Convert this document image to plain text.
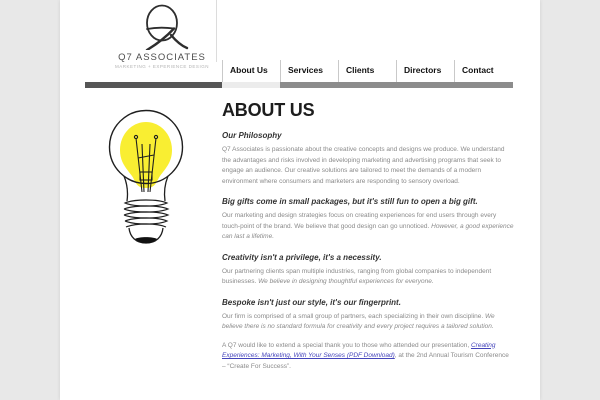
Q7 ASSOCIATES
MARKETING + EXPERIENCE DESIGN	About Us	Services	Clients	Directors	Contact
ABOUT US
Our Philosophy

Q7 Associates is passionate about the creative concepts and designs we produce. We understand the advantages and risks involved in developing marketing and advertising programs that seek to engage an audience. Our creative solutions are tailored to meet the demands of a modern environment where consumers and marketers are responding to sensory overload.

Big gifts come in small packages, but it's still fun to open a big gift.

Our marketing and design strategies focus on creating experiences for end users through every touch-point of the brand. We believe that good design can go unnoticed. However, a good experience can last a lifetime.

Creativity isn't a privilege, it's a necessity.

Our partnering clients span multiple industries, ranging from global companies to independent businesses. We believe in designing thoughtful experiences for everyone.

Bespoke isn't just our style, it's our fingerprint.

Our firm is comprised of a small group of partners, each specializing in their own discipline. We believe there is no standard formula for creativity and every project requires a tailored solution.

A Q7 would like to extend a special thank you to those who attended our presentation, Creating Experiences: Marketing, With Your Senses (PDF Download), at the 2nd Annual Tourism Conference – “Create For Success”.
